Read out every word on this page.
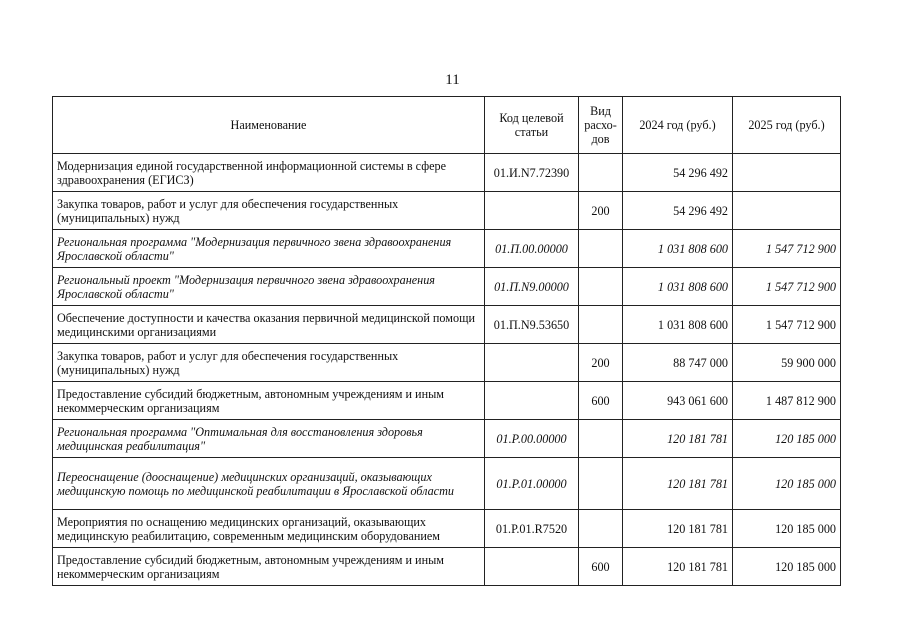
11
Наименование	Код целевой статьи	Вид расхо-дов	2024 год (руб.)	2025 год (руб.)
Модернизация единой государственной информационной системы в сфере здравоохранения (ЕГИСЗ)	01.И.N7.72390		54 296 492	
Закупка товаров, работ и услуг для обеспечения государственных (муниципальных) нужд		200	54 296 492	
Региональная программа "Модернизация первичного звена здравоохранения Ярославской области"	01.П.00.00000		1 031 808 600	1 547 712 900
Региональный проект "Модернизация первичного звена здравоохранения Ярославской области"	01.П.N9.00000		1 031 808 600	1 547 712 900
Обеспечение доступности и качества оказания первичной медицинской помощи медицинскими организациями	01.П.N9.53650		1 031 808 600	1 547 712 900
Закупка товаров, работ и услуг для обеспечения государственных (муниципальных) нужд		200	88 747 000	59 900 000
Предоставление субсидий бюджетным, автономным учреждениям и иным некоммерческим организациям		600	943 061 600	1 487 812 900
Региональная программа "Оптимальная для восстановления здоровья медицинская реабилитация"	01.Р.00.00000		120 181 781	120 185 000
Переоснащение (дооснащение) медицинских организаций, оказывающих медицинскую помощь по медицинской реабилитации в Ярославской области	01.Р.01.00000		120 181 781	120 185 000
Мероприятия по оснащению медицинских организаций, оказывающих медицинскую реабилитацию, современным медицинским оборудованием	01.Р.01.R7520		120 181 781	120 185 000
Предоставление субсидий бюджетным, автономным учреждениям и иным некоммерческим организациям		600	120 181 781	120 185 000
